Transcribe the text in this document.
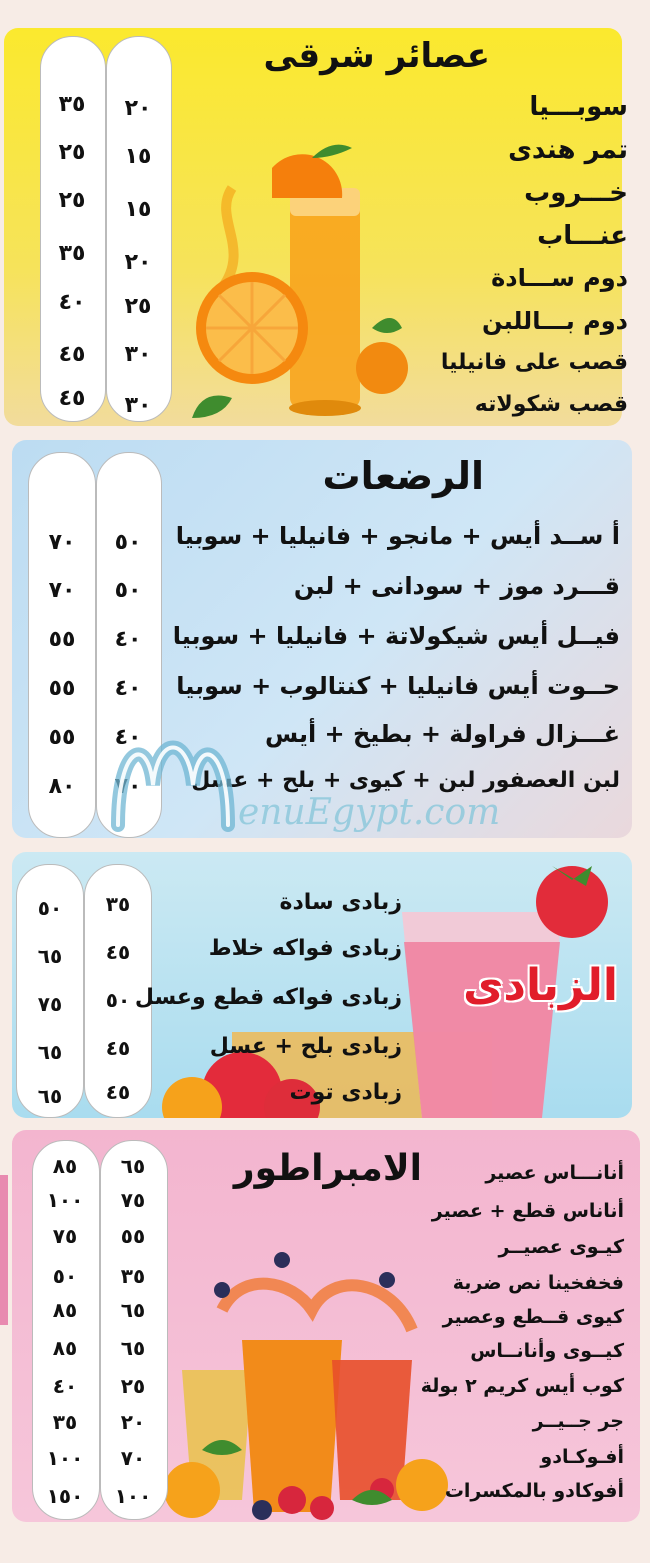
عصائر شرقى
سوبـــيا
تمر هندى
خـــروب
عنـــاب
دوم ســـادة
دوم بـــاللبن
قصب على فانيليا
قصب شكولاته
٢٠
١٥
١٥
٢٠
٢٥
٣٠
٣٠
٣٥
٢٥
٢٥
٣٥
٤٠
٤٥
٤٥
الرضعات
أ ســد أيس + مانجو + فانيليا + سوبيا
قـــرد موز + سودانى + لبن
فيــل أيس شيكولاتة + فانيليا + سوبيا
حــوت أيس فانيليا + كنتالوب + سوبيا
غـــزال فراولة + بطيخ + أيس
لبن العصفور لبن + كيوى + بلح + عسل
٥٠
٥٠
٤٠
٤٠
٤٠
٧٠
٧٠
٧٠
٥٥
٥٥
٥٥
٨٠
enuEgypt.com
الزبادى
زبادى سادة
زبادى فواكه خلاط
زبادى فواكه قطع وعسل
زبادى بلح + عسل
زبادى توت
٣٥
٤٥
٥٠
٤٥
٤٥
٥٠
٦٥
٧٥
٦٥
٦٥
الامبراطور	أنانـــاس عصير
أناناس قطع + عصير
كيـوى عصيــر
فخفخينا نص ضربة
كيوى قــطع وعصير
كيــوى وأنانــاس
كوب أيس كريم ٢ بولة
جر جــيــر
أفـوكـادو
أفوكادو بالمكسرات
٦٥
٧٥
٥٥
٣٥
٦٥
٦٥
٢٥
٢٠
٧٠
١٠٠
٨٥
١٠٠
٧٥
٥٠
٨٥
٨٥
٤٠
٣٥
١٠٠
١٥٠
